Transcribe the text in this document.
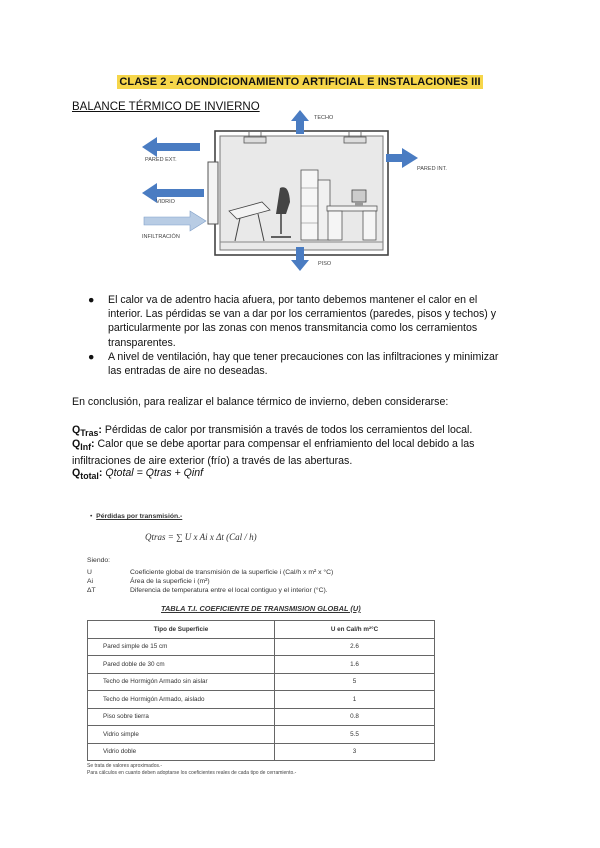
CLASE 2 - ACONDICIONAMIENTO ARTIFICIAL E INSTALACIONES III
BALANCE TÉRMICO DE INVIERNO
TECHO
PARED EXT.
PARED INT.
VIDRIO
INFILTRACIÓN
PISO
● El calor va de adentro hacia afuera, por tanto debemos mantener el calor en el interior. Las pérdidas se van a dar por los cerramientos (paredes, pisos y techos) y particularmente por las zonas con menos transmitancia como los cerramientos transparentes.
● A nivel de ventilación, hay que tener precauciones con las infiltraciones y minimizar las entradas de aire no deseadas.
En conclusión, para realizar el balance térmico de invierno, deben considerarse:
$Q_{Tras}$: Pérdidas de calor por transmisión a través de todos los cerramientos del local.
$Q_{Inf}$: Calor que se debe aportar para compensar el enfriamiento del local debido a las infiltraciones de aire exterior (frío) a través de las aberturas.
$Q_{total}$: Qtotal = Qtras + Qinf
•  Pérdidas por transmisión.-
Qtras = ∑ U x Ai x Δt (Cal / h)
Siendo:
U	Coeficiente global de transmisión de la superficie i (Cal/h x m² x °C)
Ai	Área de la superficie i (m²)
ΔT	Diferencia de temperatura entre el local contiguo y el interior (°C).
TABLA T.I. COEFICIENTE DE TRANSMISION GLOBAL (U)
Tipo de Superficie	U en Cal/h m²°C
Pared simple de 15 cm	2.6
Pared doble de 30 cm	1.6
Techo de Hormigón Armado sin aislar	5
Techo de Hormigón Armado, aislado	1
Piso sobre tierra	0.8
Vidrio simple	5.5
Vidrio doble	3
Se trata de valores aproximados.-
Para cálculos en cuanto deben adoptarse los coeficientes reales de cada tipo de cerramiento.-
